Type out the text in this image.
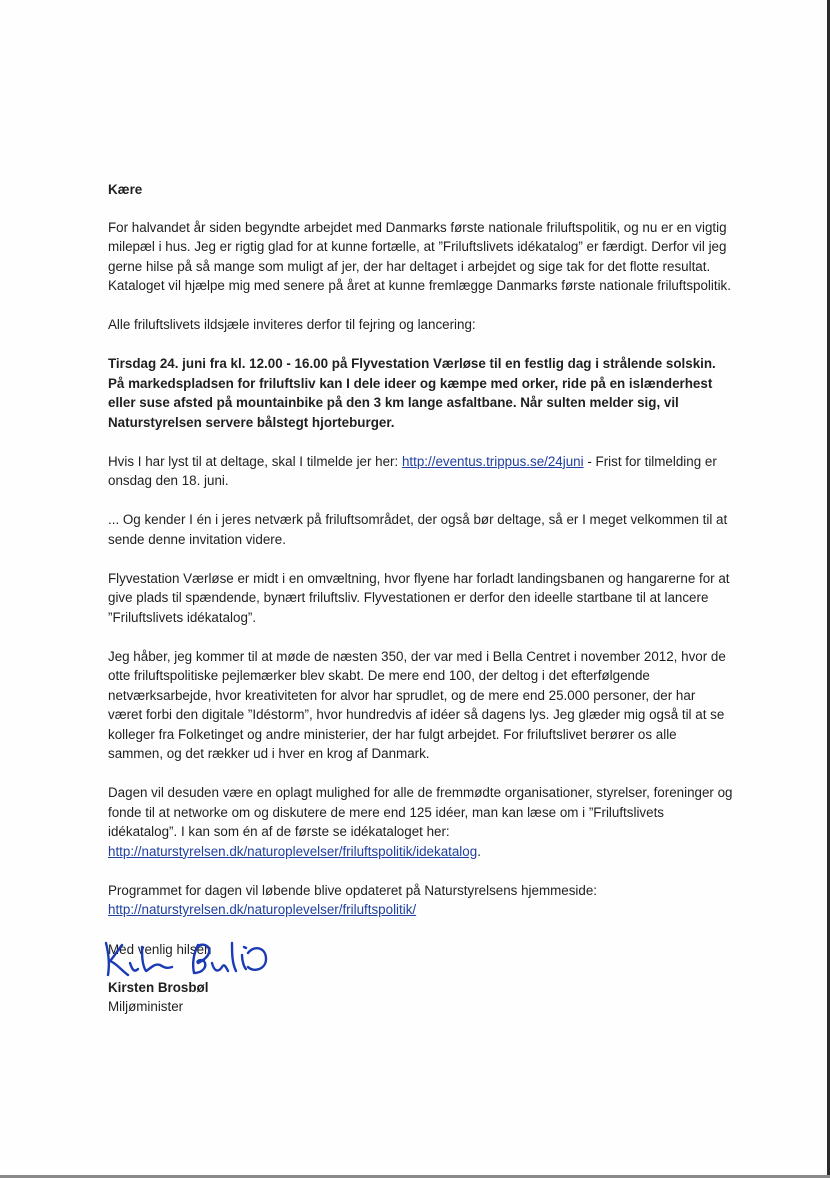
Kære

For halvandet år siden begyndte arbejdet med Danmarks første nationale friluftspolitik, og nu er en vigtig milepæl i hus. Jeg er rigtig glad for at kunne fortælle, at ”Friluftslivets idékatalog” er færdigt. Derfor vil jeg gerne hilse på så mange som muligt af jer, der har deltaget i arbejdet og sige tak for det flotte resultat. Kataloget vil hjælpe mig med senere på året at kunne fremlægge Danmarks første nationale friluftspolitik.

Alle friluftslivets ildsjæle inviteres derfor til fejring og lancering:

Tirsdag 24. juni fra kl. 12.00 - 16.00 på Flyvestation Værløse til en festlig dag i strålende solskin. På markedspladsen for friluftsliv kan I dele ideer og kæmpe med orker, ride på en islænderhest eller suse afsted på mountainbike på den 3 km lange asfaltbane. Når sulten melder sig, vil Naturstyrelsen servere bålstegt hjorteburger.

Hvis I har lyst til at deltage, skal I tilmelde jer her: http://eventus.trippus.se/24juni - Frist for tilmelding er onsdag den 18. juni.

... Og kender I én i jeres netværk på friluftsområdet, der også bør deltage, så er I meget velkommen til at sende denne invitation videre.

Flyvestation Værløse er midt i en omvæltning, hvor flyene har forladt landingsbanen og hangarerne for at give plads til spændende, bynært friluftsliv. Flyvestationen er derfor den ideelle startbane til at lancere ”Friluftslivets idékatalog”.

Jeg håber, jeg kommer til at møde de næsten 350, der var med i Bella Centret i november 2012, hvor de otte friluftspolitiske pejlemærker blev skabt. De mere end 100, der deltog i det efterfølgende netværksarbejde, hvor kreativiteten for alvor har sprudlet, og de mere end 25.000 personer, der har været forbi den digitale ”Idéstorm”, hvor hundredvis af idéer så dagens lys. Jeg glæder mig også til at se kolleger fra Folketinget og andre ministerier, der har fulgt arbejdet. For friluftslivet berører os alle sammen, og det rækker ud i hver en krog af Danmark.

Dagen vil desuden være en oplagt mulighed for alle de fremmødte organisationer, styrelser, foreninger og fonde til at networke om og diskutere de mere end 125 idéer, man kan læse om i ”Friluftslivets idékatalog”. I kan som én af de første se idékataloget her: http://naturstyrelsen.dk/naturoplevelser/friluftspolitik/idekatalog.

Programmet for dagen vil løbende blive opdateret på Naturstyrelsens hjemmeside: http://naturstyrelsen.dk/naturoplevelser/friluftspolitik/

Med venlig hilsen
Kirsten Brosbøl
Miljøminister
